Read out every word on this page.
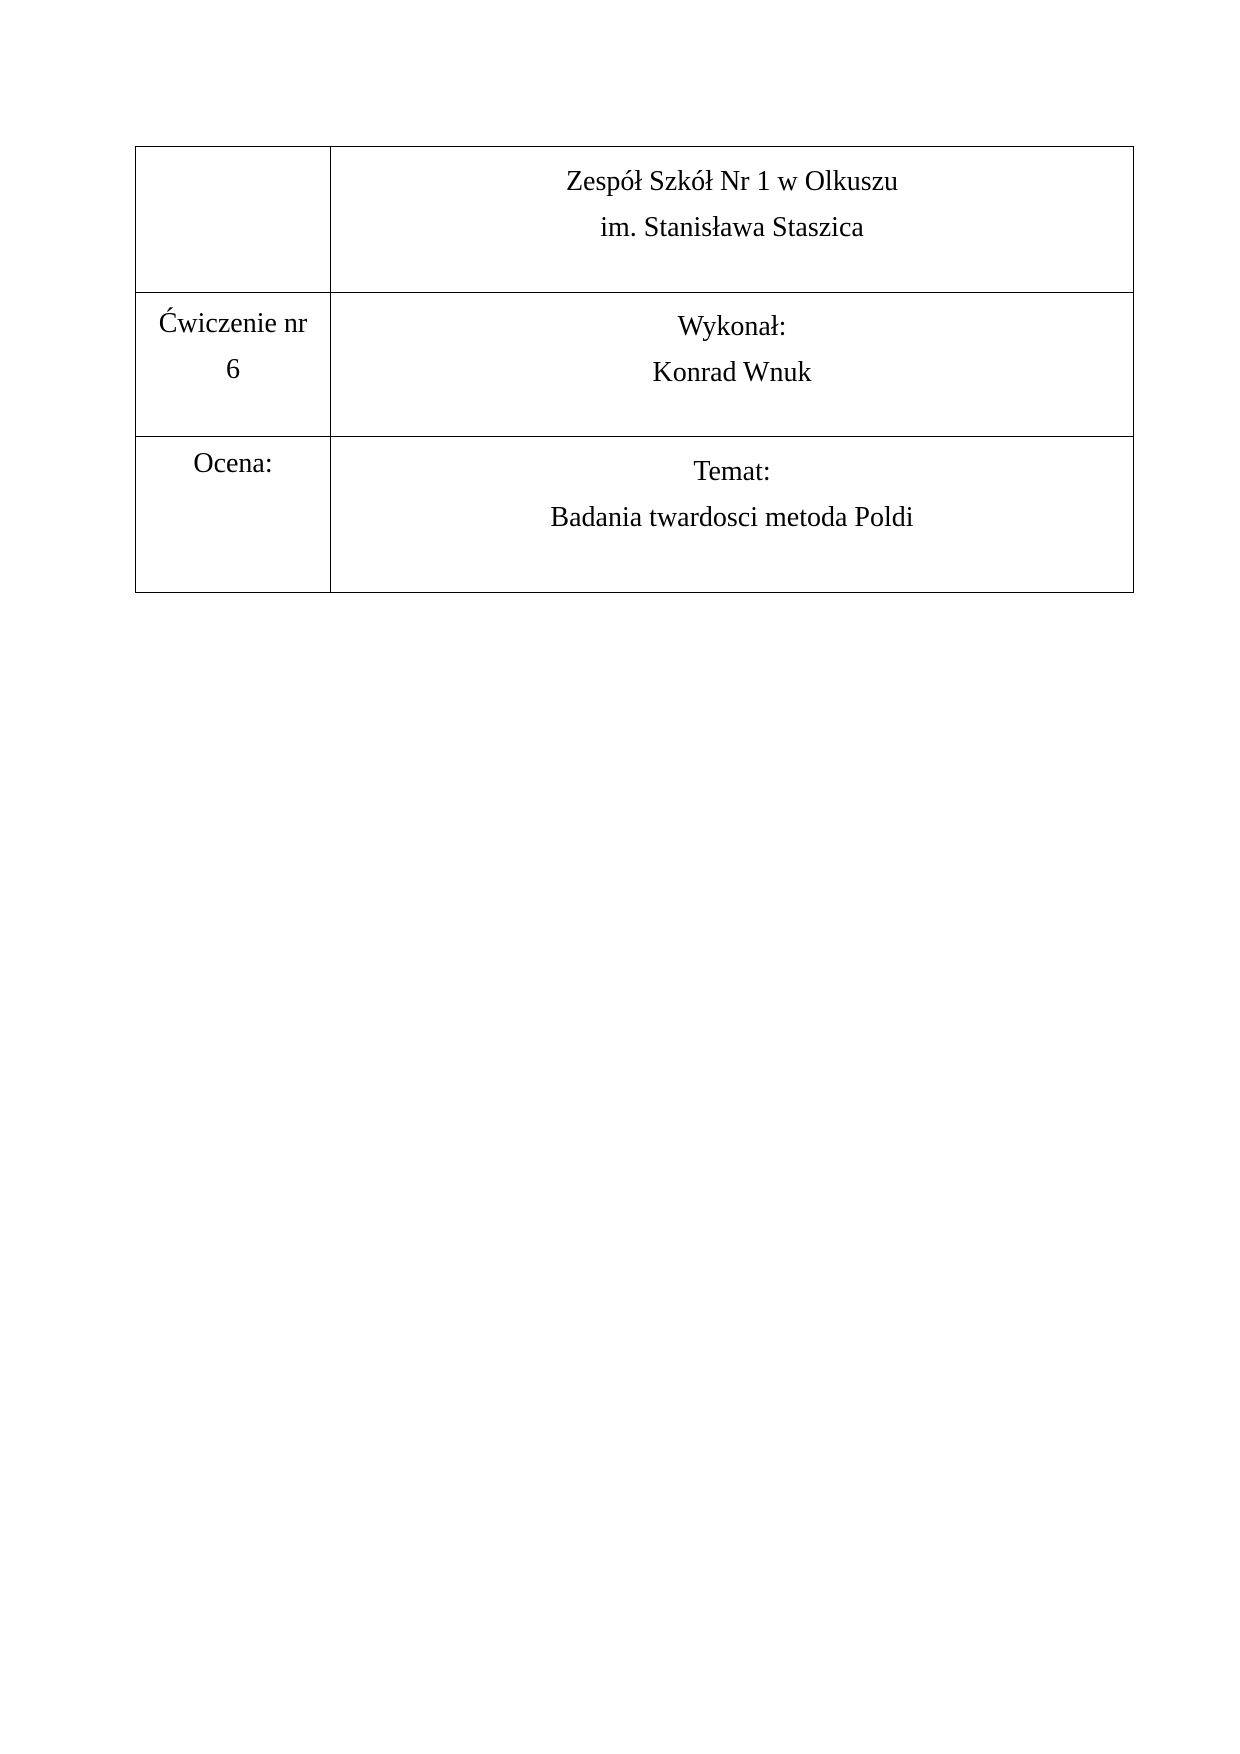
	Zespół Szkół Nr 1 w Olkuszu
im. Stanisława Staszica

Ćwiczenie nr
6	Wykonał:
Konrad Wnuk

Ocena:	Temat:
Badania twardosci metoda Poldi
